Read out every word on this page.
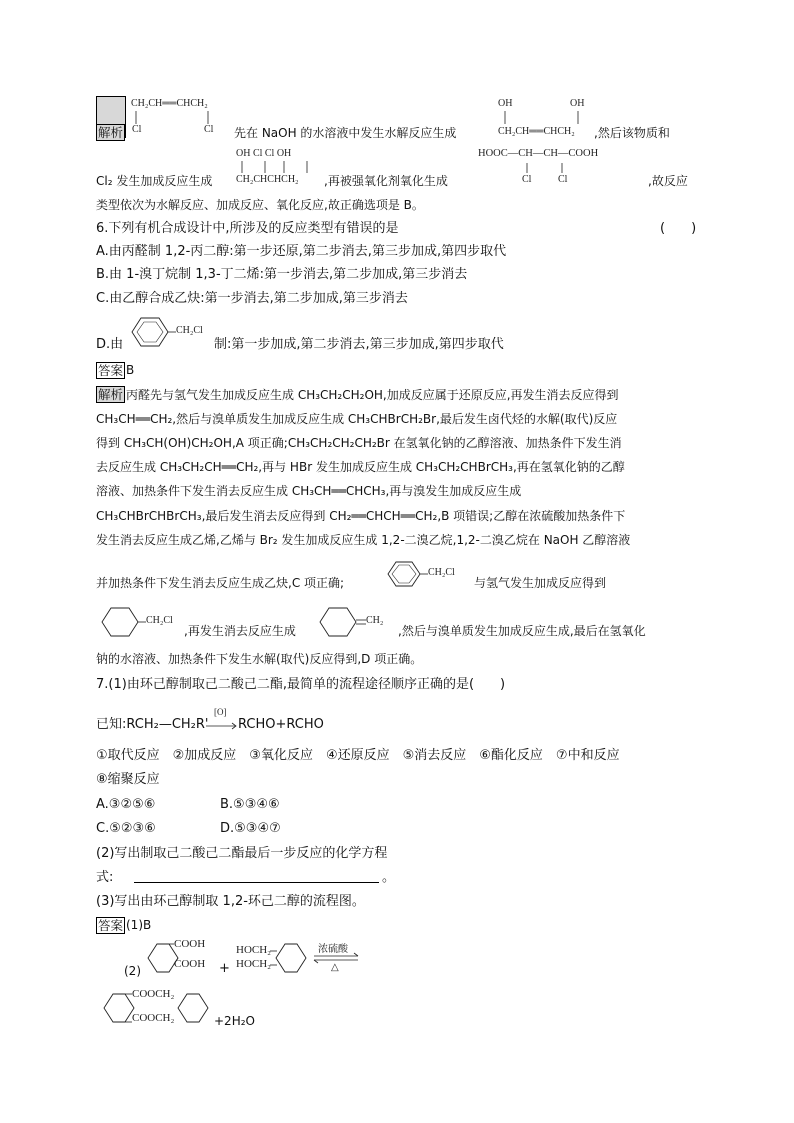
解析
CH₂CH══CHCH₂
Cl	Cl 先在 NaOH 的水溶液中发生水解反应生成
OH	OH
CH₂CH══CHCH₂ ,然后该物质和
OH Cl Cl OH
Cl₂ 发生加成反应生成 CH₂CHCHCH₂ ,再被强氧化剂氧化生成
HOOC—CH—CH—COOH
Cl	Cl	,故反应
类型依次为水解反应、加成反应、氧化反应,故正确选项是 B。
6.下列有机合成设计中,所涉及的反应类型有错误的是	(　　)
A.由丙醛制 1,2-丙二醇:第一步还原,第二步消去,第三步加成,第四步取代
B.由 1-溴丁烷制 1,3-丁二烯:第一步消去,第二步加成,第三步消去
C.由乙醇合成乙炔:第一步消去,第二步加成,第三步消去
D.由
CH₂Cl
制:第一步加成,第二步消去,第三步加成,第四步取代
答案 B
解析 丙醛先与氢气发生加成反应生成 CH₃CH₂CH₂OH,加成反应属于还原反应,再发生消去反应得到
CH₃CH══CH₂,然后与溴单质发生加成反应生成 CH₃CHBrCH₂Br,最后发生卤代烃的水解(取代)反应
得到 CH₃CH(OH)CH₂OH,A 项正确;CH₃CH₂CH₂CH₂Br 在氢氧化钠的乙醇溶液、加热条件下发生消
去反应生成 CH₃CH₂CH══CH₂,再与 HBr 发生加成反应生成 CH₃CH₂CHBrCH₃,再在氢氧化钠的乙醇
溶液、加热条件下发生消去反应生成 CH₃CH══CHCH₃,再与溴发生加成反应生成
CH₃CHBrCHBrCH₃,最后发生消去反应得到 CH₂══CHCH══CH₂,B 项错误;乙醇在浓硫酸加热条件下
发生消去反应生成乙烯,乙烯与 Br₂ 发生加成反应生成 1,2-二溴乙烷,1,2-二溴乙烷在 NaOH 乙醇溶液
并加热条件下发生消去反应生成乙炔,C 项正确;
CH₂Cl
与氢气发生加成反应得到
CH₂Cl
,再发生消去反应生成
CH₂
,然后与溴单质发生加成反应生成,最后在氢氧化
钠的水溶液、加热条件下发生水解(取代)反应得到,D 项正确。
7.(1)由环己醇制取己二酸己二酯,最简单的流程途径顺序正确的是(　　)
已知:RCH₂—CH₂R'
[O]
RCHO+RCHO
①取代反应　②加成反应　③氧化反应　④还原反应　⑤消去反应　⑥酯化反应　⑦中和反应
⑧缩聚反应
A.③②⑤⑥	B.⑤③④⑥
C.⑤②③⑥	D.⑤③④⑦
(2)写出制取己二酸己二酯最后一步反应的化学方程
式:	。
(3)写出由环己醇制取 1,2-环己二醇的流程图。
答案 (1)B
(2)
COOH
COOH +
HOCH₂
HOCH₂
浓硫酸
△
COOCH₂
COOCH₂	+2H₂O
